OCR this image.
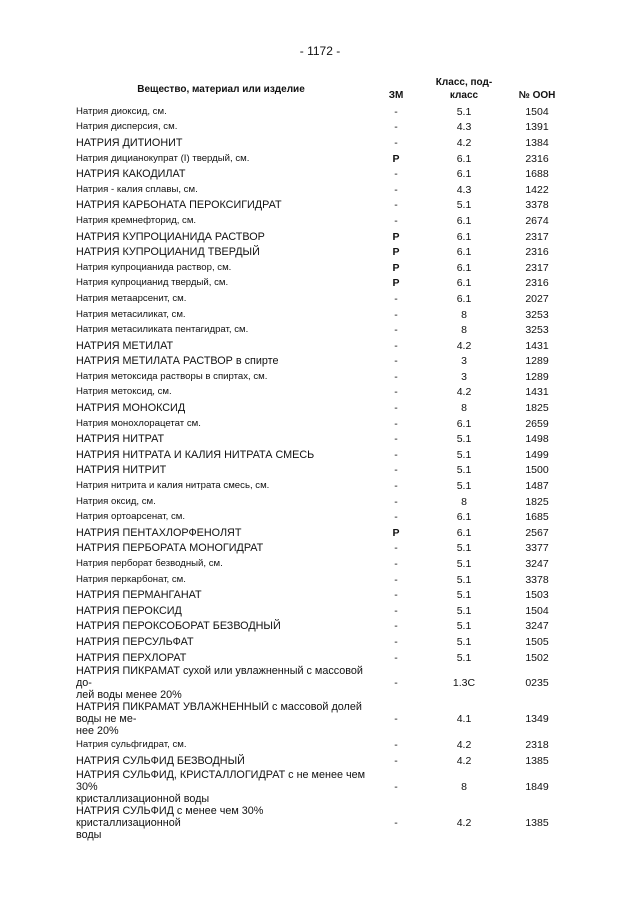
- 1172 -
Вещество, материал или изделие	ЗМ	Класс, под-
класс	№ ООН
Натрия диоксид, см.	-	5.1	1504
Натрия дисперсия, см.	-	4.3	1391
НАТРИЯ ДИТИОНИТ	-	4.2	1384
Натрия дицианокупрат (I) твердый, см.	P	6.1	2316
НАТРИЯ КАКОДИЛАТ	-	6.1	1688
Натрия - калия сплавы, см.	-	4.3	1422
НАТРИЯ КАРБОНАТА ПЕРОКСИГИДРАТ	-	5.1	3378
Натрия кремнефторид, см.	-	6.1	2674
НАТРИЯ КУПРОЦИАНИДА РАСТВОР	P	6.1	2317
НАТРИЯ КУПРОЦИАНИД ТВЕРДЫЙ	P	6.1	2316
Натрия купроцианида раствор, см.	P	6.1	2317
Натрия купроцианид твердый, см.	P	6.1	2316
Натрия метаарсенит, см.	-	6.1	2027
Натрия метасиликат, см.	-	8	3253
Натрия метасиликата пентагидрат, см.	-	8	3253
НАТРИЯ МЕТИЛАТ	-	4.2	1431
НАТРИЯ МЕТИЛАТА РАСТВОР в спирте	-	3	1289
Натрия метоксида растворы в спиртах, см.	-	3	1289
Натрия метоксид, см.	-	4.2	1431
НАТРИЯ МОНОКСИД	-	8	1825
Натрия монохлорацетат см.	-	6.1	2659
НАТРИЯ НИТРАТ	-	5.1	1498
НАТРИЯ НИТРАТА И КАЛИЯ НИТРАТА СМЕСЬ	-	5.1	1499
НАТРИЯ НИТРИТ	-	5.1	1500
Натрия нитрита и калия нитрата смесь, см.	-	5.1	1487
Натрия оксид, см.	-	8	1825
Натрия ортоарсенат, см.	-	6.1	1685
НАТРИЯ ПЕНТАХЛОРФЕНОЛЯТ	P	6.1	2567
НАТРИЯ ПЕРБОРАТА МОНОГИДРАТ	-	5.1	3377
Натрия перборат безводный, см.	-	5.1	3247
Натрия перкарбонат, см.	-	5.1	3378
НАТРИЯ ПЕРМАНГАНАТ	-	5.1	1503
НАТРИЯ ПЕРОКСИД	-	5.1	1504
НАТРИЯ ПЕРОКСОБОРАТ БЕЗВОДНЫЙ	-	5.1	3247
НАТРИЯ ПЕРСУЛЬФАТ	-	5.1	1505
НАТРИЯ ПЕРХЛОРАТ	-	5.1	1502
НАТРИЯ ПИКРАМАТ сухой или увлажненный с массовой до-
лей воды менее 20%	-	1.3C	0235
НАТРИЯ ПИКРАМАТ УВЛАЖНЕННЫЙ с массовой долей воды не ме-
нее 20%	-	4.1	1349
Натрия сульфгидрат, см.	-	4.2	2318
НАТРИЯ СУЛЬФИД БЕЗВОДНЫЙ	-	4.2	1385
НАТРИЯ СУЛЬФИД, КРИСТАЛЛОГИДРАТ с не менее чем 30%
кристаллизационной воды	-	8	1849
НАТРИЯ СУЛЬФИД с менее чем 30% кристаллизационной
воды	-	4.2	1385
